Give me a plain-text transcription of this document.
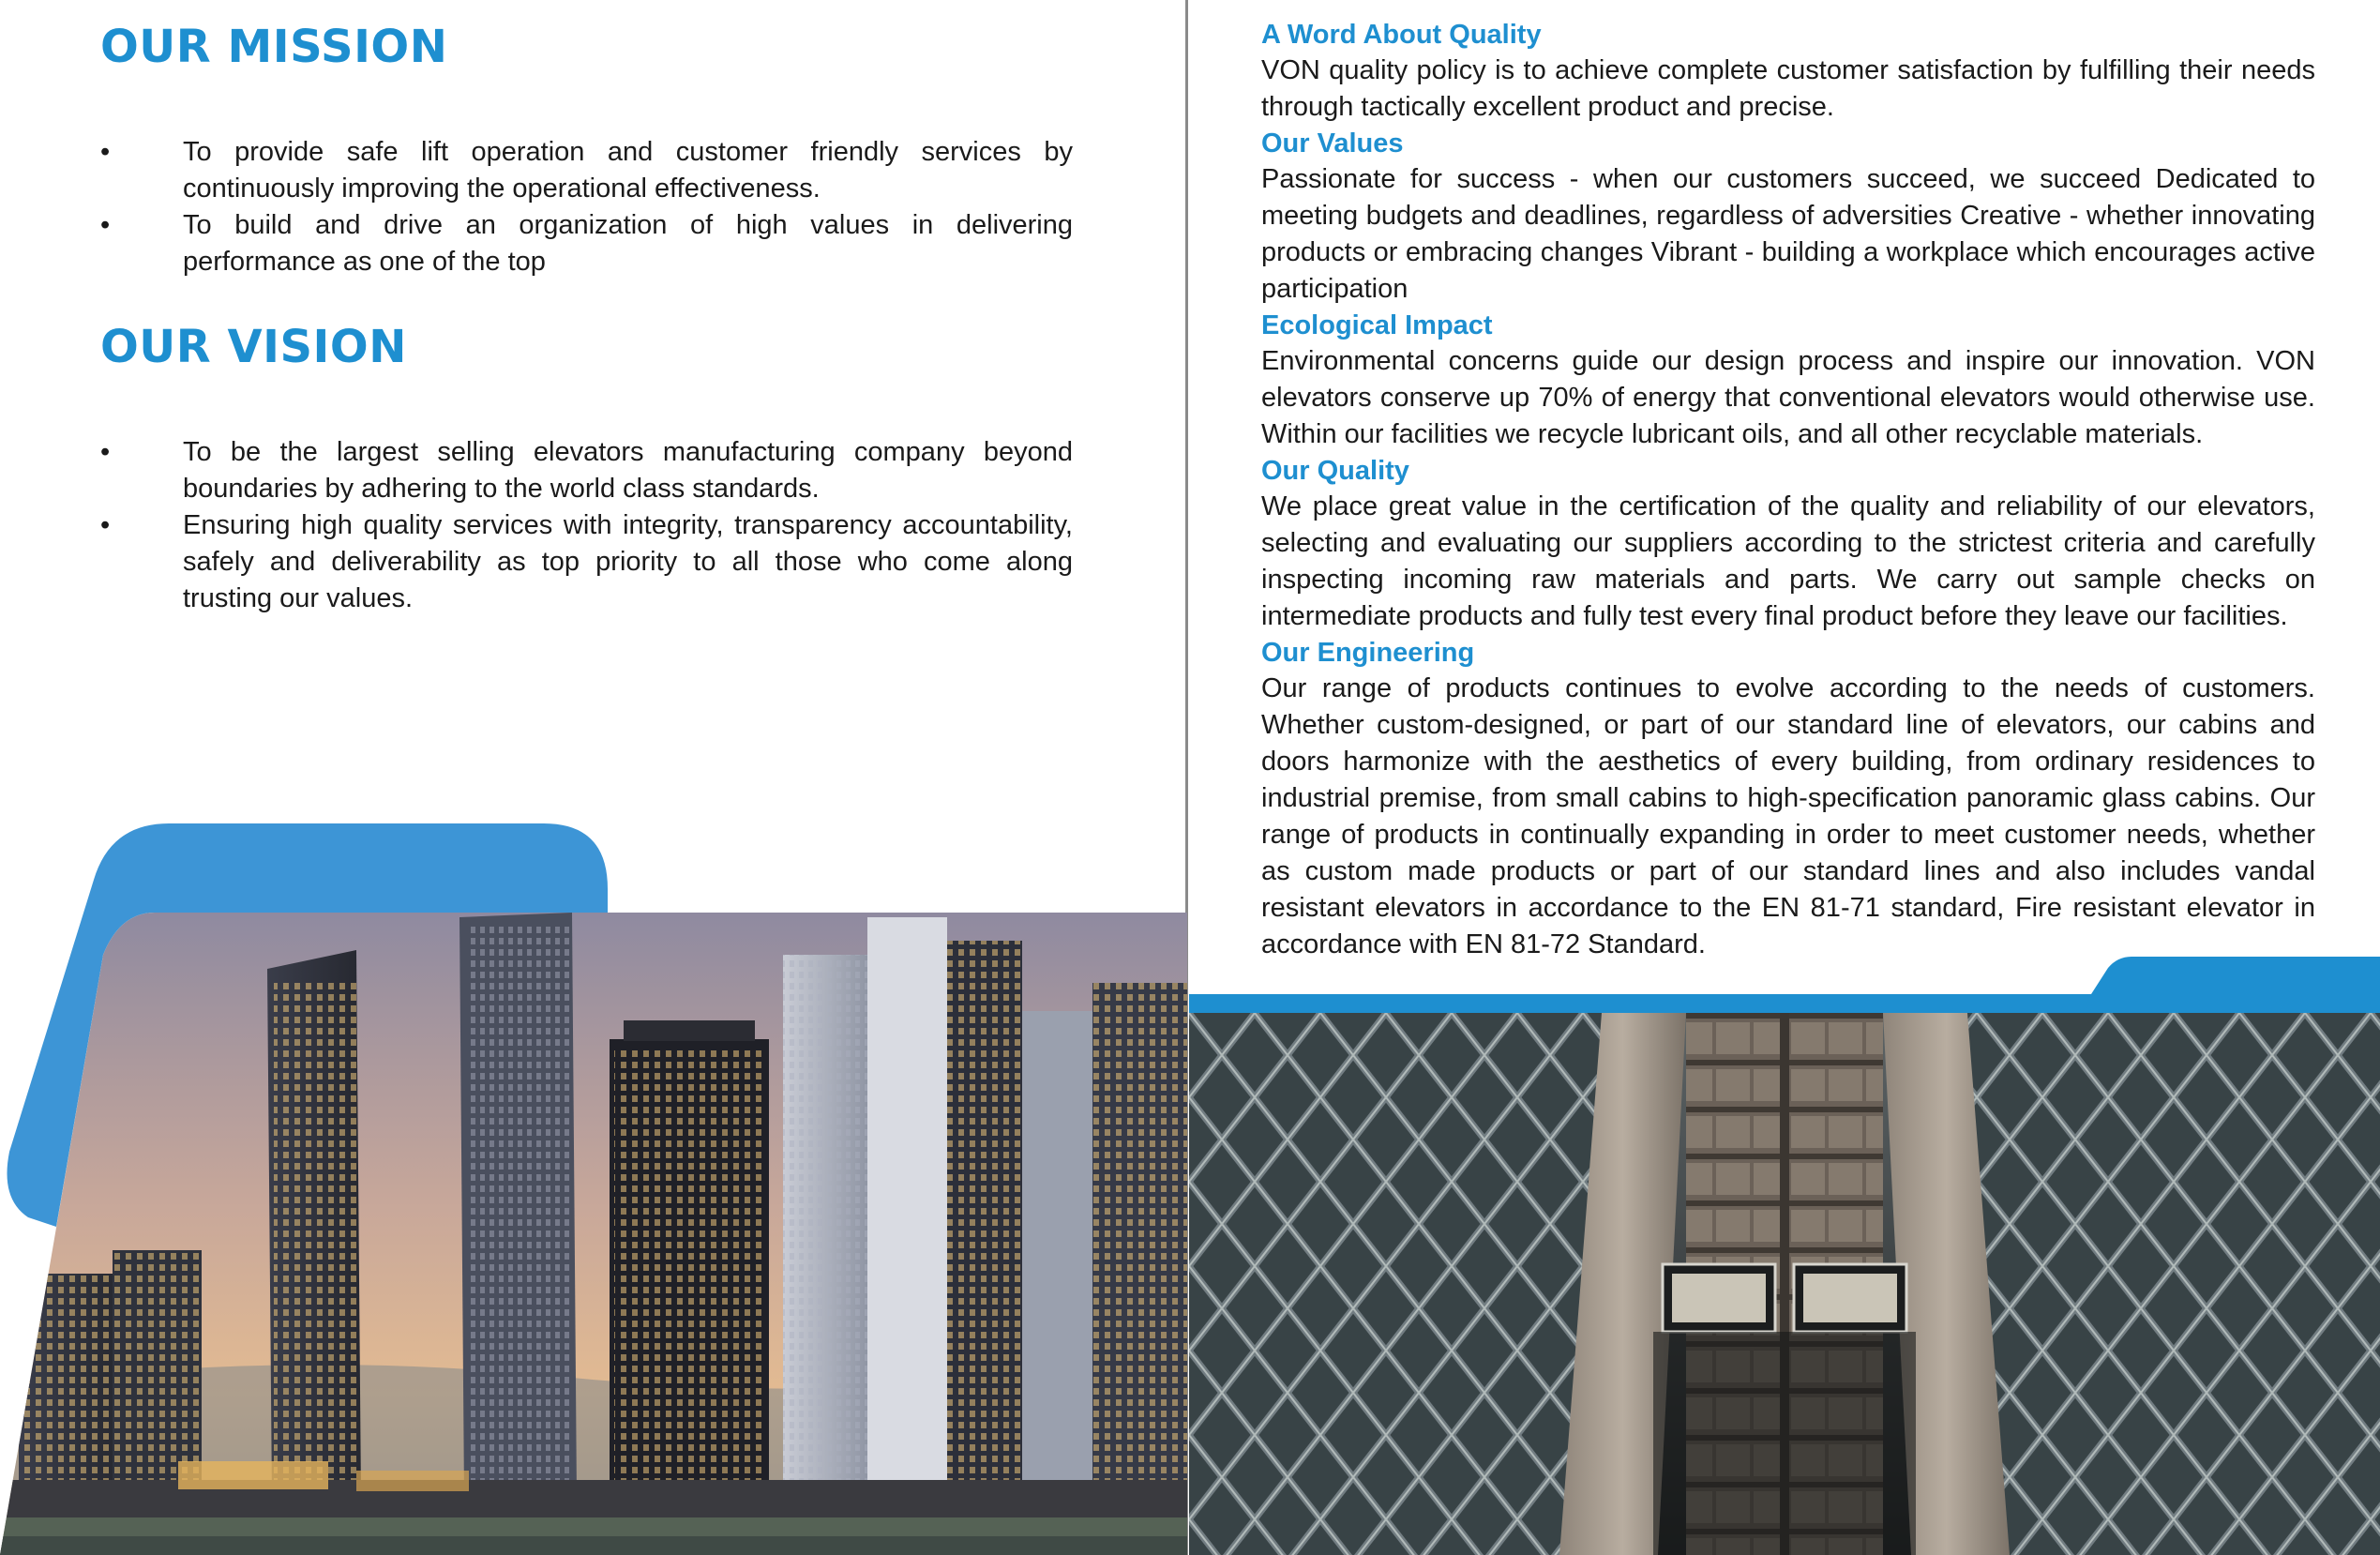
OUR MISSION
•	To provide safe lift operation and customer friendly services by continuously improving the operational effectiveness.
•	To build and drive an organization of high values in delivering performance as one of the top
OUR VISION
•	To be the largest selling elevators manufacturing company beyond boundaries by adhering to the world class standards.
•	Ensuring high quality services with integrity, transparency accountability, safely and deliverability as top priority to all those who come along trusting our values.
A Word About Quality

VON quality policy is to achieve complete customer satisfaction by fulfilling their needs through tactically excellent product and precise.

Our Values

Passionate for success - when our customers succeed, we succeed Dedicated to meeting budgets and deadlines, regardless of adversities Creative - whether innovating products or embracing changes Vibrant - building a workplace which encourages active participation

Ecological Impact

Environmental concerns guide our design process and inspire our innovation. VON elevators conserve up 70% of energy that conventional elevators would otherwise use. Within our facilities we recycle lubricant oils, and all other recyclable materials.

Our Quality

We place great value in the certification of the quality and reliability of our elevators, selecting and evaluating our suppliers according to the strictest criteria and carefully inspecting incoming raw materials and parts. We carry out sample checks on intermediate products and fully test every final product before they leave our facilities.

Our Engineering

Our range of products continues to evolve according to the needs of customers. Whether custom-designed, or part of our standard line of elevators, our cabins and doors harmonize with the aesthetics of every building, from ordinary residences to industrial premise, from small cabins to high-specification panoramic glass cabins. Our range of products in continually expanding in order to meet customer needs, whether as custom made products or part of our standard lines and also includes vandal resistant elevators in accordance to the EN 81-71 standard, Fire resistant elevator in accordance with EN 81-72 Standard.
